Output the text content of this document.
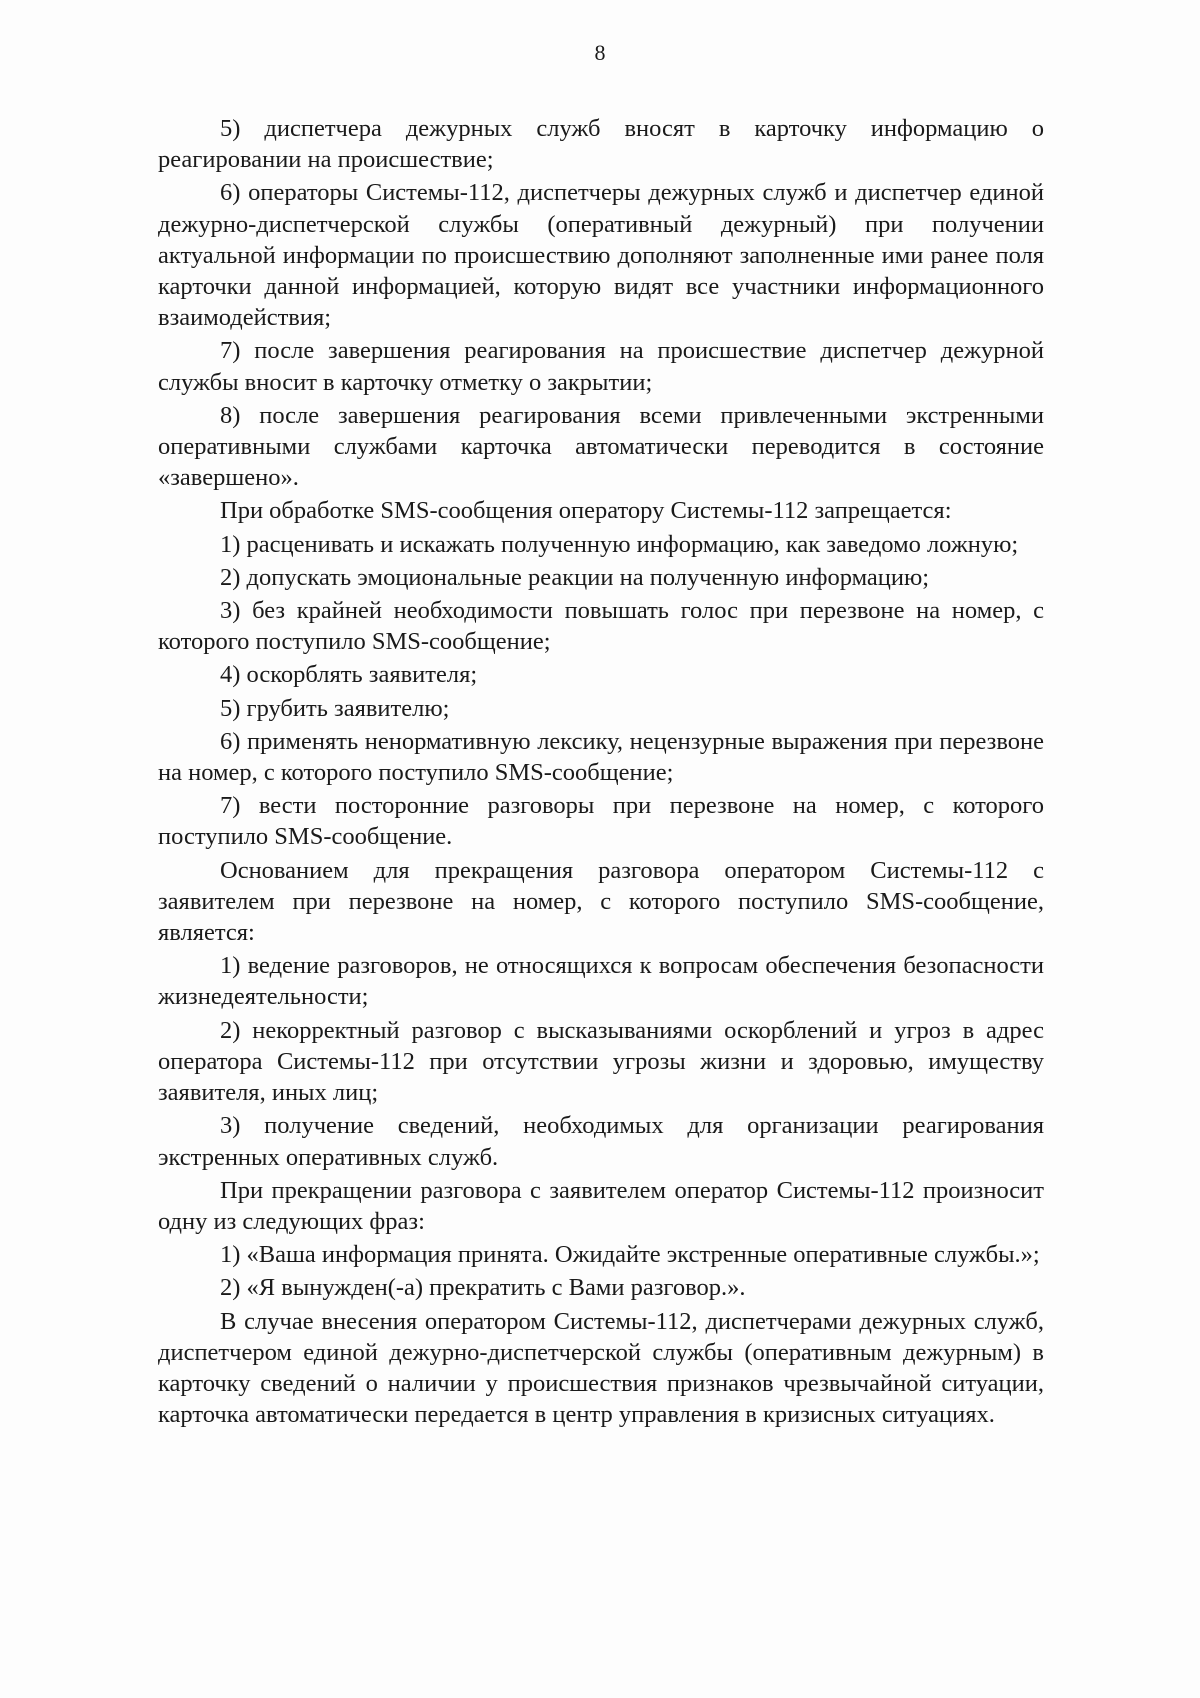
8

5) диспетчера дежурных служб вносят в карточку информацию о реагировании на происшествие;

6) операторы Системы-112, диспетчеры дежурных служб и диспетчер единой дежурно-диспетчерской службы (оперативный дежурный) при получении актуальной информации по происшествию дополняют заполненные ими ранее поля карточки данной информацией, которую видят все участники информационного взаимодействия;

7) после завершения реагирования на происшествие диспетчер дежурной службы вносит в карточку отметку о закрытии;

8) после завершения реагирования всеми привлеченными экстренными оперативными службами карточка автоматически переводится в состояние «завершено».

При обработке SMS-сообщения оператору Системы-112 запрещается:

1) расценивать и искажать полученную информацию, как заведомо ложную;

2) допускать эмоциональные реакции на полученную информацию;

3) без крайней необходимости повышать голос при перезвоне на номер, с которого поступило SMS-сообщение;

4) оскорблять заявителя;

5) грубить заявителю;

6) применять ненормативную лексику, нецензурные выражения при перезвоне на номер, с которого поступило SMS-сообщение;

7) вести посторонние разговоры при перезвоне на номер, с которого поступило SMS-сообщение.

Основанием для прекращения разговора оператором Системы-112 с заявителем при перезвоне на номер, с которого поступило SMS-сообщение, является:

1) ведение разговоров, не относящихся к вопросам обеспечения безопасности жизнедеятельности;

2) некорректный разговор с высказываниями оскорблений и угроз в адрес оператора Системы-112 при отсутствии угрозы жизни и здоровью, имуществу заявителя, иных лиц;

3) получение сведений, необходимых для организации реагирования экстренных оперативных служб.

При прекращении разговора с заявителем оператор Системы-112 произносит одну из следующих фраз:

1) «Ваша информация принята. Ожидайте экстренные оперативные службы.»;

2) «Я вынужден(-а) прекратить с Вами разговор.».

В случае внесения оператором Системы-112, диспетчерами дежурных служб, диспетчером единой дежурно-диспетчерской службы (оперативным дежурным) в карточку сведений о наличии у происшествия признаков чрезвычайной ситуации, карточка автоматически передается в центр управления в кризисных ситуациях.
